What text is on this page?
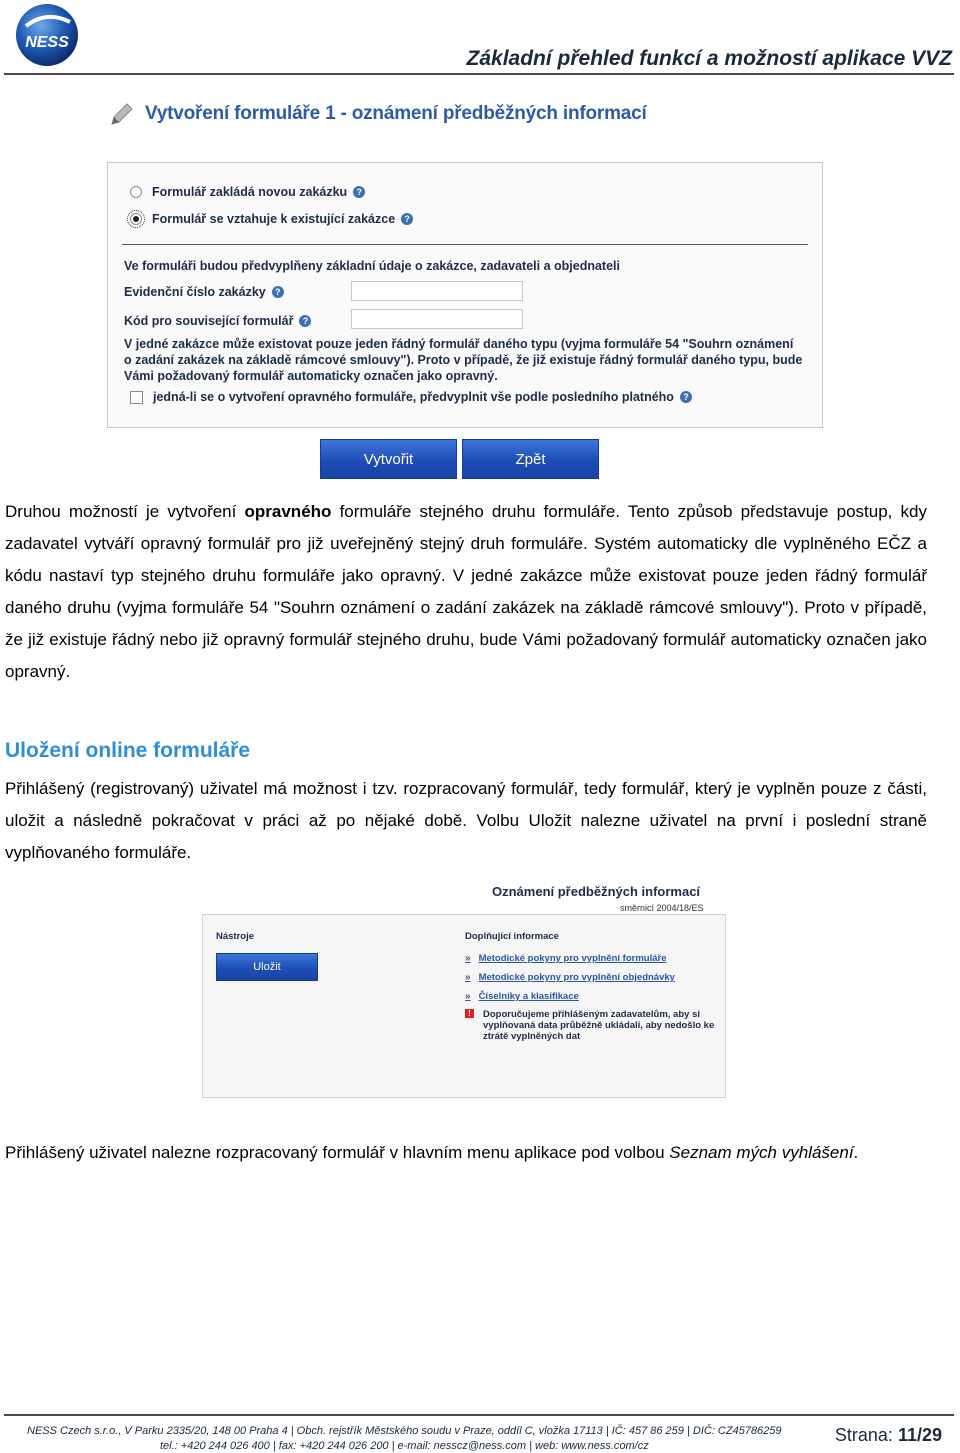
NESS
Základní přehled funkcí a možností aplikace VVZ
Vytvoření formuláře 1 - oznámení předběžných informací
Formulář zakládá novou zakázku	?
Formulář se vztahuje k existující zakázce	?
Ve formuláři budou předvyplňeny základní údaje o zakázce, zadavateli a objednateli
Evidenční číslo zakázky	?
Kód pro související formulář	?
V jedné zakázce může existovat pouze jeden řádný formulář daného typu (vyjma formuláře 54 "Souhrn oznámení o zadání zakázek na základě rámcové smlouvy"). Proto v případě, že již existuje řádný formulář daného typu, bude Vámi požadovaný formulář automaticky označen jako opravný.
jedná-li se o vytvoření opravného formuláře, předvyplnit vše podle posledního platného	?
Vytvořit	Zpět
Druhou možností je vytvoření opravného formuláře stejného druhu formuláře. Tento způsob představuje postup, kdy zadavatel vytváří opravný formulář pro již uveřejněný stejný druh formuláře. Systém automaticky dle vyplněného EČZ a kódu nastaví typ stejného druhu formuláře jako opravný. V jedné zakázce může existovat pouze jeden řádný formulář daného druhu (vyjma formuláře 54 "Souhrn oznámení o zadání zakázek na základě rámcové smlouvy"). Proto v případě, že již existuje řádný nebo již opravný formulář stejného druhu, bude Vámi požadovaný formulář automaticky označen jako opravný.
Uložení online formuláře
Přihlášený (registrovaný) uživatel má možnost i tzv. rozpracovaný formulář, tedy formulář, který je vyplněn pouze z části, uložit a následně pokračovat v práci až po nějaké době. Volbu Uložit nalezne uživatel na první i poslední straně vyplňovaného formuláře.
Oznámení předběžných informací
směrnicí 2004/18/ES
Nástroje
Uložit
Doplňující informace
» Metodické pokyny pro vyplnění formuláře
» Metodické pokyny pro vyplnění objednávky
» Číselníky a klasifikace
!	Doporučujeme přihlášeným zadavatelům, aby si vyplňovaná data průběžně ukládali, aby nedošlo ke ztrátě vyplněných dat
Přihlášený uživatel nalezne rozpracovaný formulář v hlavním menu aplikace pod volbou Seznam mých vyhlášení.
NESS Czech s.r.o., V Parku 2335/20, 148 00 Praha 4 | Obch. rejstřík Městského soudu v Praze, oddíl C, vložka 17113 | IČ: 457 86 259 | DIČ: CZ45786259
tel.: +420 244 026 400 | fax: +420 244 026 200 | e-mail: nesscz@ness.com | web: www.ness.com/cz
Strana: 11/29
